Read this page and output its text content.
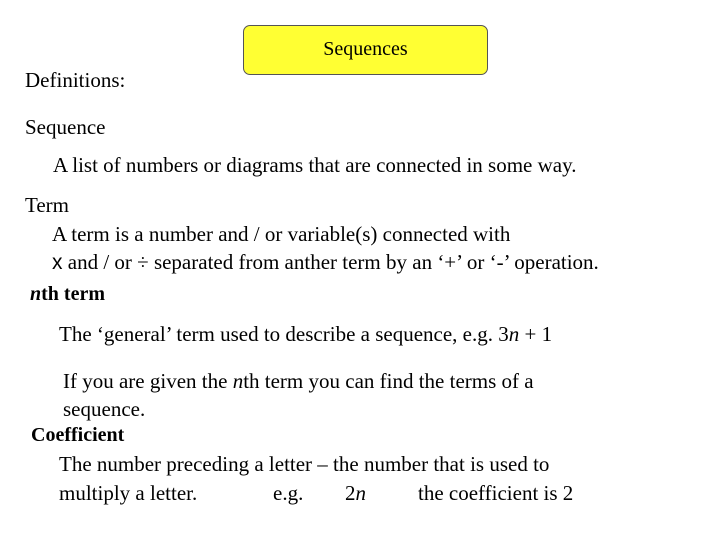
Sequences
Definitions:
Sequence
A list of numbers or diagrams that are connected in some way.
Term
A term is a number and / or variable(s) connected with
x and / or ÷ separated from anther term by an ‘+’ or ‘-’ operation.
nth term
The ‘general’ term used to describe a sequence, e.g. 3n + 1
If you are given the nth term you can find the terms of a
sequence.
Coefficient
The number preceding a letter – the number that is used to
multiply a letter.	e.g. 2n the coefficient is 2
